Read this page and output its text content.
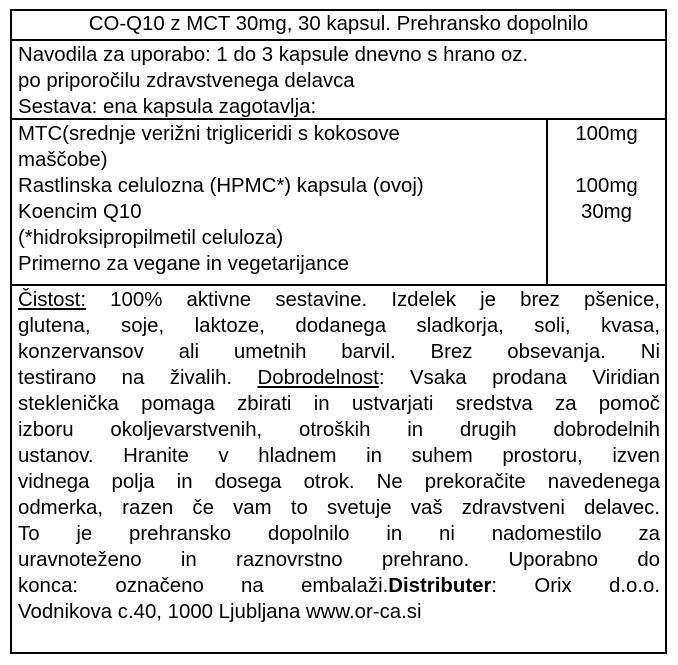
CO-Q10 z MCT 30mg, 30 kapsul. Prehransko dopolnilo
Navodila za uporabo: 1 do 3 kapsule dnevno s hrano oz.
po priporočilu zdravstvenega delavca
Sestava: ena kapsula zagotavlja:
MTC(srednje verižni trigliceridi s kokosove
maščobe)
Rastlinska celulozna (HPMC*) kapsula (ovoj)
Koencim Q10
(*hidroksipropilmetil celuloza)
Primerno za vegane in vegetarijance
100mg
100mg
30mg
Čistost: 100% aktivne sestavine. Izdelek je brez pšenice,
glutena, soje, laktoze, dodanega sladkorja, soli, kvasa,
konzervansov ali umetnih barvil. Brez obsevanja. Ni
testirano na živalih. Dobrodelnost: Vsaka prodana Viridian
steklenička pomaga zbirati in ustvarjati sredstva za pomoč
izboru okoljevarstvenih, otroških in drugih dobrodelnih
ustanov. Hranite v hladnem in suhem prostoru, izven
vidnega polja in dosega otrok. Ne prekoračite navedenega
odmerka, razen če vam to svetuje vaš zdravstveni delavec.
To je prehransko dopolnilo in ni nadomestilo za
uravnoteženo in raznovrstno prehrano. Uporabno do
konca: označeno na embalaži.Distributer: Orix d.o.o.
Vodnikova c.40, 1000 Ljubljana www.or-ca.si
